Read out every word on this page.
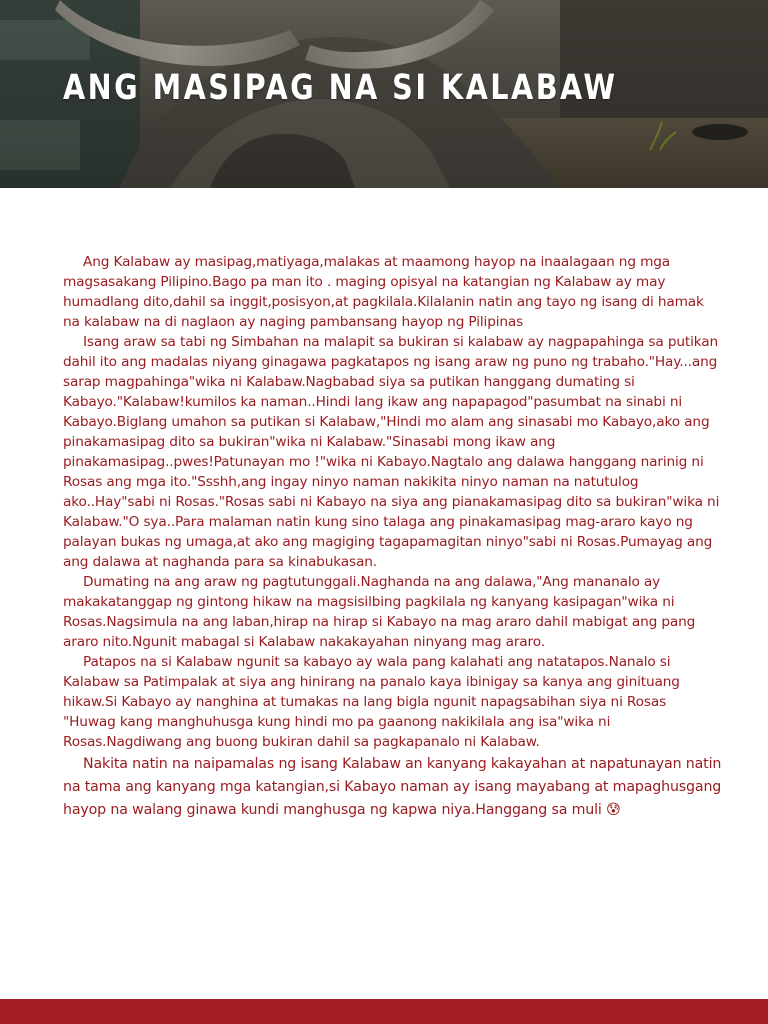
ANG MASIPAG NA SI KALABAW

Ang Kalabaw ay masipag,matiyaga,malakas at maamong hayop na inaalagaan ng mga magsasakang Pilipino.Bago pa man ito . maging opisyal na katangian ng Kalabaw ay may humadlang dito,dahil sa inggit,posisyon,at pagkilala.Kilalanin natin ang tayo ng isang di hamak na kalabaw na di naglaon ay naging pambansang hayop ng Pilipinas

Isang araw sa tabi ng Simbahan na malapit sa bukiran si kalabaw ay nagpapahinga sa putikan dahil ito ang madalas niyang ginagawa pagkatapos ng isang araw ng puno ng trabaho."Hay...ang sarap magpahinga"wika ni Kalabaw.Nagbabad siya sa putikan hanggang dumating si Kabayo."Kalabaw!kumilos ka naman..Hindi lang ikaw ang napapagod"pasumbat na sinabi ni Kabayo.Biglang umahon sa putikan si Kalabaw,"Hindi mo alam ang sinasabi mo Kabayo,ako ang pinakamasipag dito sa bukiran"wika ni Kalabaw."Sinasabi mong ikaw ang pinakamasipag..pwes!Patunayan mo !"wika ni Kabayo.Nagtalo ang dalawa hanggang narinig ni Rosas ang mga ito."Ssshh,ang ingay ninyo naman nakikita ninyo naman na natutulog ako..Hay"sabi ni Rosas."Rosas sabi ni Kabayo na siya ang pianakamasipag dito sa bukiran"wika ni Kalabaw."O sya..Para malaman natin kung sino talaga ang pinakamasipag mag-araro kayo ng palayan bukas ng umaga,at ako ang magiging tagapamagitan ninyo"sabi ni Rosas.Pumayag ang ang dalawa at naghanda para sa kinabukasan.

Dumating na ang araw ng pagtutunggali.Naghanda na ang dalawa,"Ang mananalo ay makakatanggap ng gintong hikaw na magsisilbing pagkilala ng kanyang kasipagan"wika ni Rosas.Nagsimula na ang laban,hirap na hirap si Kabayo na mag araro dahil mabigat ang pang araro nito.Ngunit mabagal si Kalabaw nakakayahan ninyang mag araro.

Patapos na si Kalabaw ngunit sa kabayo ay wala pang kalahati ang natatapos.Nanalo si Kalabaw sa Patimpalak at siya ang hinirang na panalo kaya ibinigay sa kanya ang ginituang hikaw.Si Kabayo ay nanghina at tumakas na lang bigla ngunit napagsabihan siya ni Rosas

"Huwag kang manghuhusga kung hindi mo pa gaanong nakikilala ang isa"wika ni Rosas.Nagdiwang ang buong bukiran dahil sa pagkapanalo ni Kalabaw.

Nakita natin na naipamalas ng isang Kalabaw an kanyang kakayahan at napatunayan natin na tama ang kanyang mga katangian,si Kabayo naman ay isang mayabang at mapaghusgang hayop na walang ginawa kundi manghusga ng kapwa niya.Hanggang sa muli 😰
